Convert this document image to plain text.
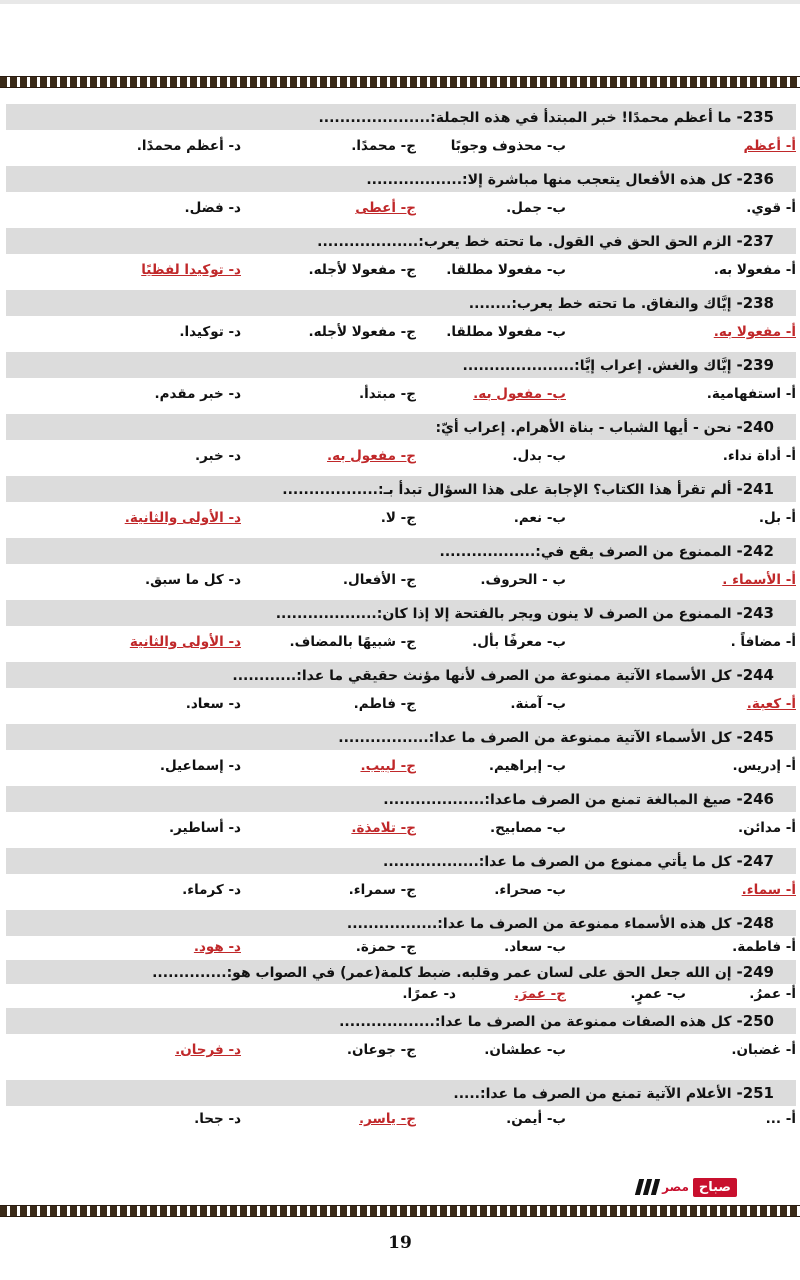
235- ما أعظم محمدًا! خبر المبتدأ في هذه الجملة:.....................
أ- أعظم
ب- محذوف وجوبًا
ج- محمدًا.
د- أعظم محمدًا.
236- كل هذه الأفعال يتعجب منها مباشرة إلا:..................
أ- قوي.
ب- جمل.
ج- أعطى
د- فضل.
237- الزم الحق الحق في القول. ما تحته خط يعرب:...................
أ- مفعولا به.
ب- مفعولا مطلقا.
ج- مفعولا لأجله.
د- توكيدا لفظيًا
238- إيَّاك والنفاق. ما تحته خط يعرب:........
أ- مفعولا به.
ب- مفعولا مطلقا.
ج- مفعولا لأجله.
د- توكيدا.
239- إيَّاك والغش. إعراب إيَّا:.....................
أ- استفهامية.
ب- مفعول به.
ج- مبتدأ.
د- خبر مقدم.
240- نحن - أيها الشباب - بناة الأهرام. إعراب أيّ:
أ- أداة نداء.
ب- بدل.
ج- مفعول به.
د- خبر.
241- ألم تقرأ هذا الكتاب؟ الإجابة على هذا السؤال تبدأ بـ:..................
أ- بل.
ب- نعم.
ج- لا.
د- الأولى والثانية.
242- الممنوع من الصرف يقع في:..................
أ- الأسماء .
ب - الحروف.
ج- الأفعال.
د- كل ما سبق.
243- الممنوع من الصرف لا ينون ويجر بالفتحة إلا إذا كان:...................
أ- مضافاً .
ب- معرفًا بأل.
ج- شبيهًا بالمضاف.
د- الأولى والثانية
244- كل الأسماء الآتية ممنوعة من الصرف لأنها مؤنث حقيقي ما عدا:............
أ- كعبة.
ب- آمنة.
ج- فاطم.
د- سعاد.
245- كل الأسماء الآتية ممنوعة من الصرف ما عدا:.................
أ- إدريس.
ب- إبراهيم.
ج- لبيب.
د- إسماعيل.
246- صيغ المبالغة تمنع من الصرف ماعدا:...................
أ- مدائن.
ب- مصابيح.
ج- تلامذة.
د- أساطير.
247- كل ما يأتي ممنوع من الصرف ما عدا:..................
أ- سماء.
ب- صحراء.
ج- سمراء.
د- كرماء.
248- كل هذه الأسماء ممنوعة من الصرف ما عدا:.................
أ- فاطمة.
ب- سعاد.
ج- حمزة.
د- هود.
249- إن الله جعل الحق على لسان عمر وقلبه. ضبط كلمة(عمر) في الصواب هو:..............
أ- عمرُ.
ب- عمرٍ.
ج- عمرَ.
د- عمرًا.
250- كل هذه الصفات ممنوعة من الصرف ما عدا:..................
أ- غضبان.
ب- عطشان.
ج- جوعان.
د- فرحان.
251- الأعلام الآتية تمنع من الصرف ما عدا:.....
أ- ...
ب- أيمن.
ج- ياسر.
د- جحا.
صباح
مصر
19
